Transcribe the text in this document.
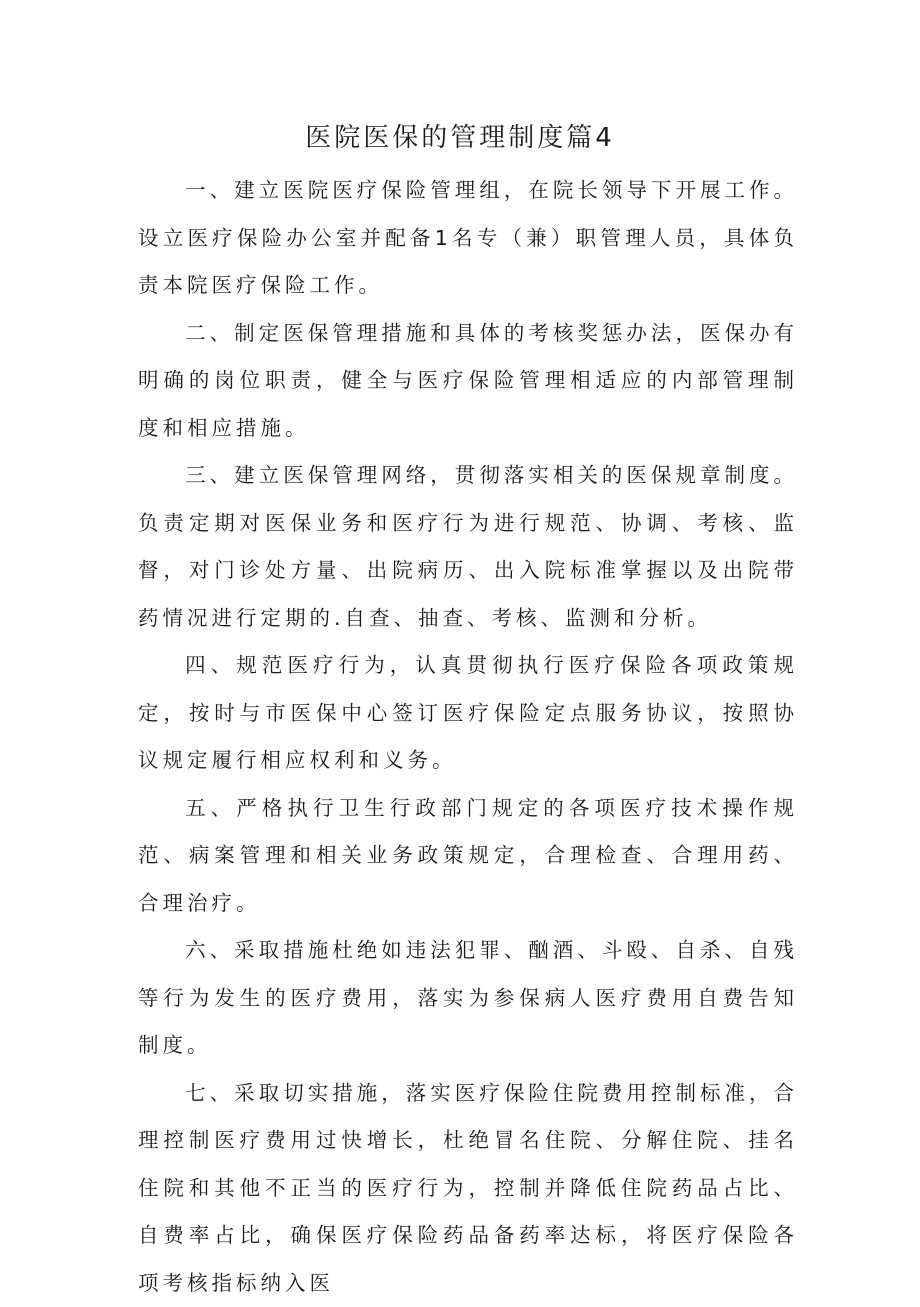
医院医保的管理制度篇4

一、建立医院医疗保险管理组，在院长领导下开展工作。设立医疗保险办公室并配备1名专（兼）职管理人员，具体负责本院医疗保险工作。

二、制定医保管理措施和具体的考核奖惩办法，医保办有明确的岗位职责，健全与医疗保险管理相适应的内部管理制度和相应措施。

三、建立医保管理网络，贯彻落实相关的医保规章制度。负责定期对医保业务和医疗行为进行规范、协调、考核、监督，对门诊处方量、出院病历、出入院标准掌握以及出院带药情况进行定期的.自查、抽查、考核、监测和分析。

四、规范医疗行为，认真贯彻执行医疗保险各项政策规定，按时与市医保中心签订医疗保险定点服务协议，按照协议规定履行相应权利和义务。

五、严格执行卫生行政部门规定的各项医疗技术操作规范、病案管理和相关业务政策规定，合理检查、合理用药、合理治疗。

六、采取措施杜绝如违法犯罪、酗酒、斗殴、自杀、自残等行为发生的医疗费用，落实为参保病人医疗费用自费告知制度。

七、采取切实措施，落实医疗保险住院费用控制标准，合理控制医疗费用过快增长，杜绝冒名住院、分解住院、挂名住院和其他不正当的医疗行为，控制并降低住院药品占比、自费率占比，确保医疗保险药品备药率达标，将医疗保险各项考核指标纳入医
